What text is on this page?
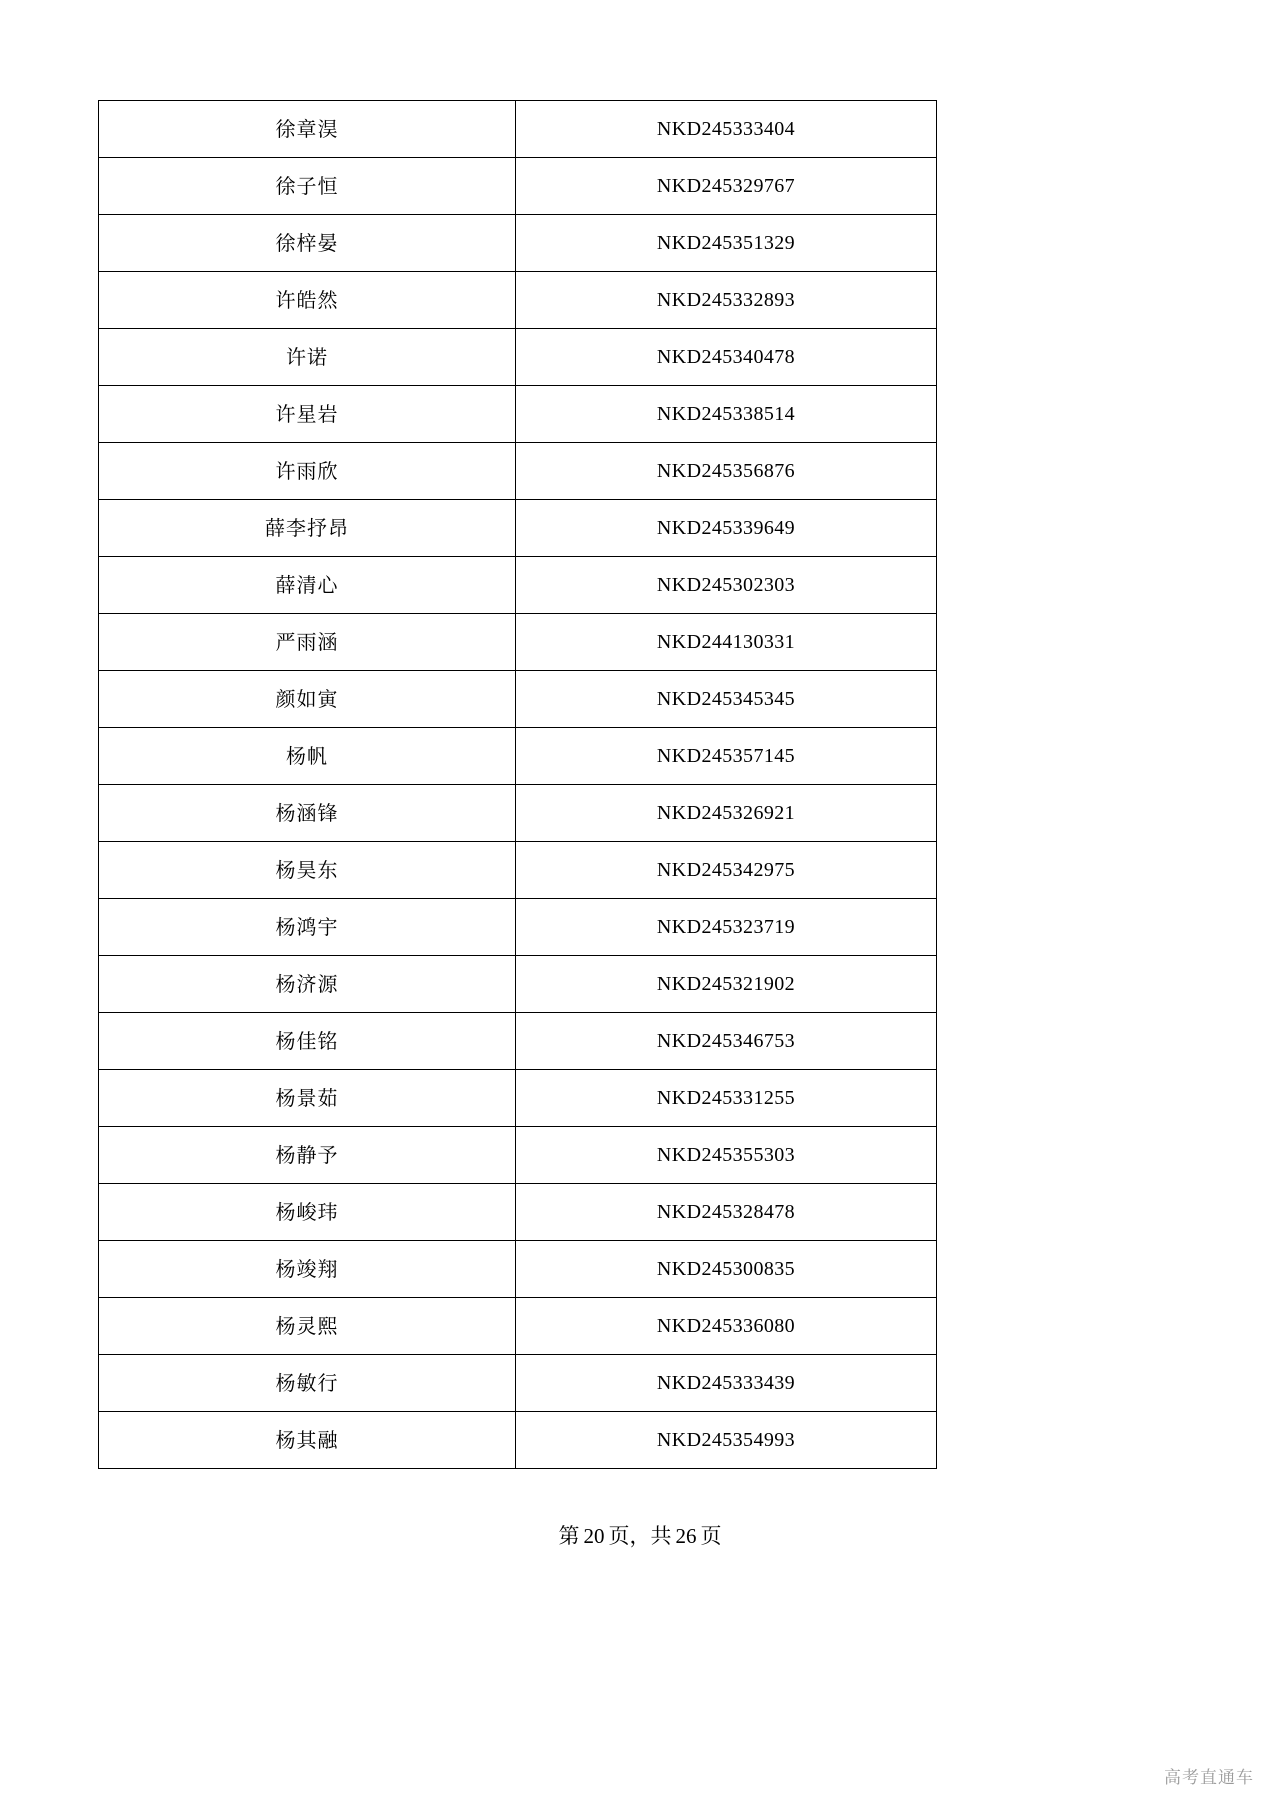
徐章淏	NKD245333404
徐子恒	NKD245329767
徐梓晏	NKD245351329
许皓然	NKD245332893
许诺	NKD245340478
许星岩	NKD245338514
许雨欣	NKD245356876
薛李抒昂	NKD245339649
薛清心	NKD245302303
严雨涵	NKD244130331
颜如寅	NKD245345345
杨帆	NKD245357145
杨涵锋	NKD245326921
杨昊东	NKD245342975
杨鸿宇	NKD245323719
杨济源	NKD245321902
杨佳铭	NKD245346753
杨景茹	NKD245331255
杨静予	NKD245355303
杨峻玮	NKD245328478
杨竣翔	NKD245300835
杨灵熙	NKD245336080
杨敏行	NKD245333439
杨其融	NKD245354993
第 20 页，共 26 页
高考直通车
